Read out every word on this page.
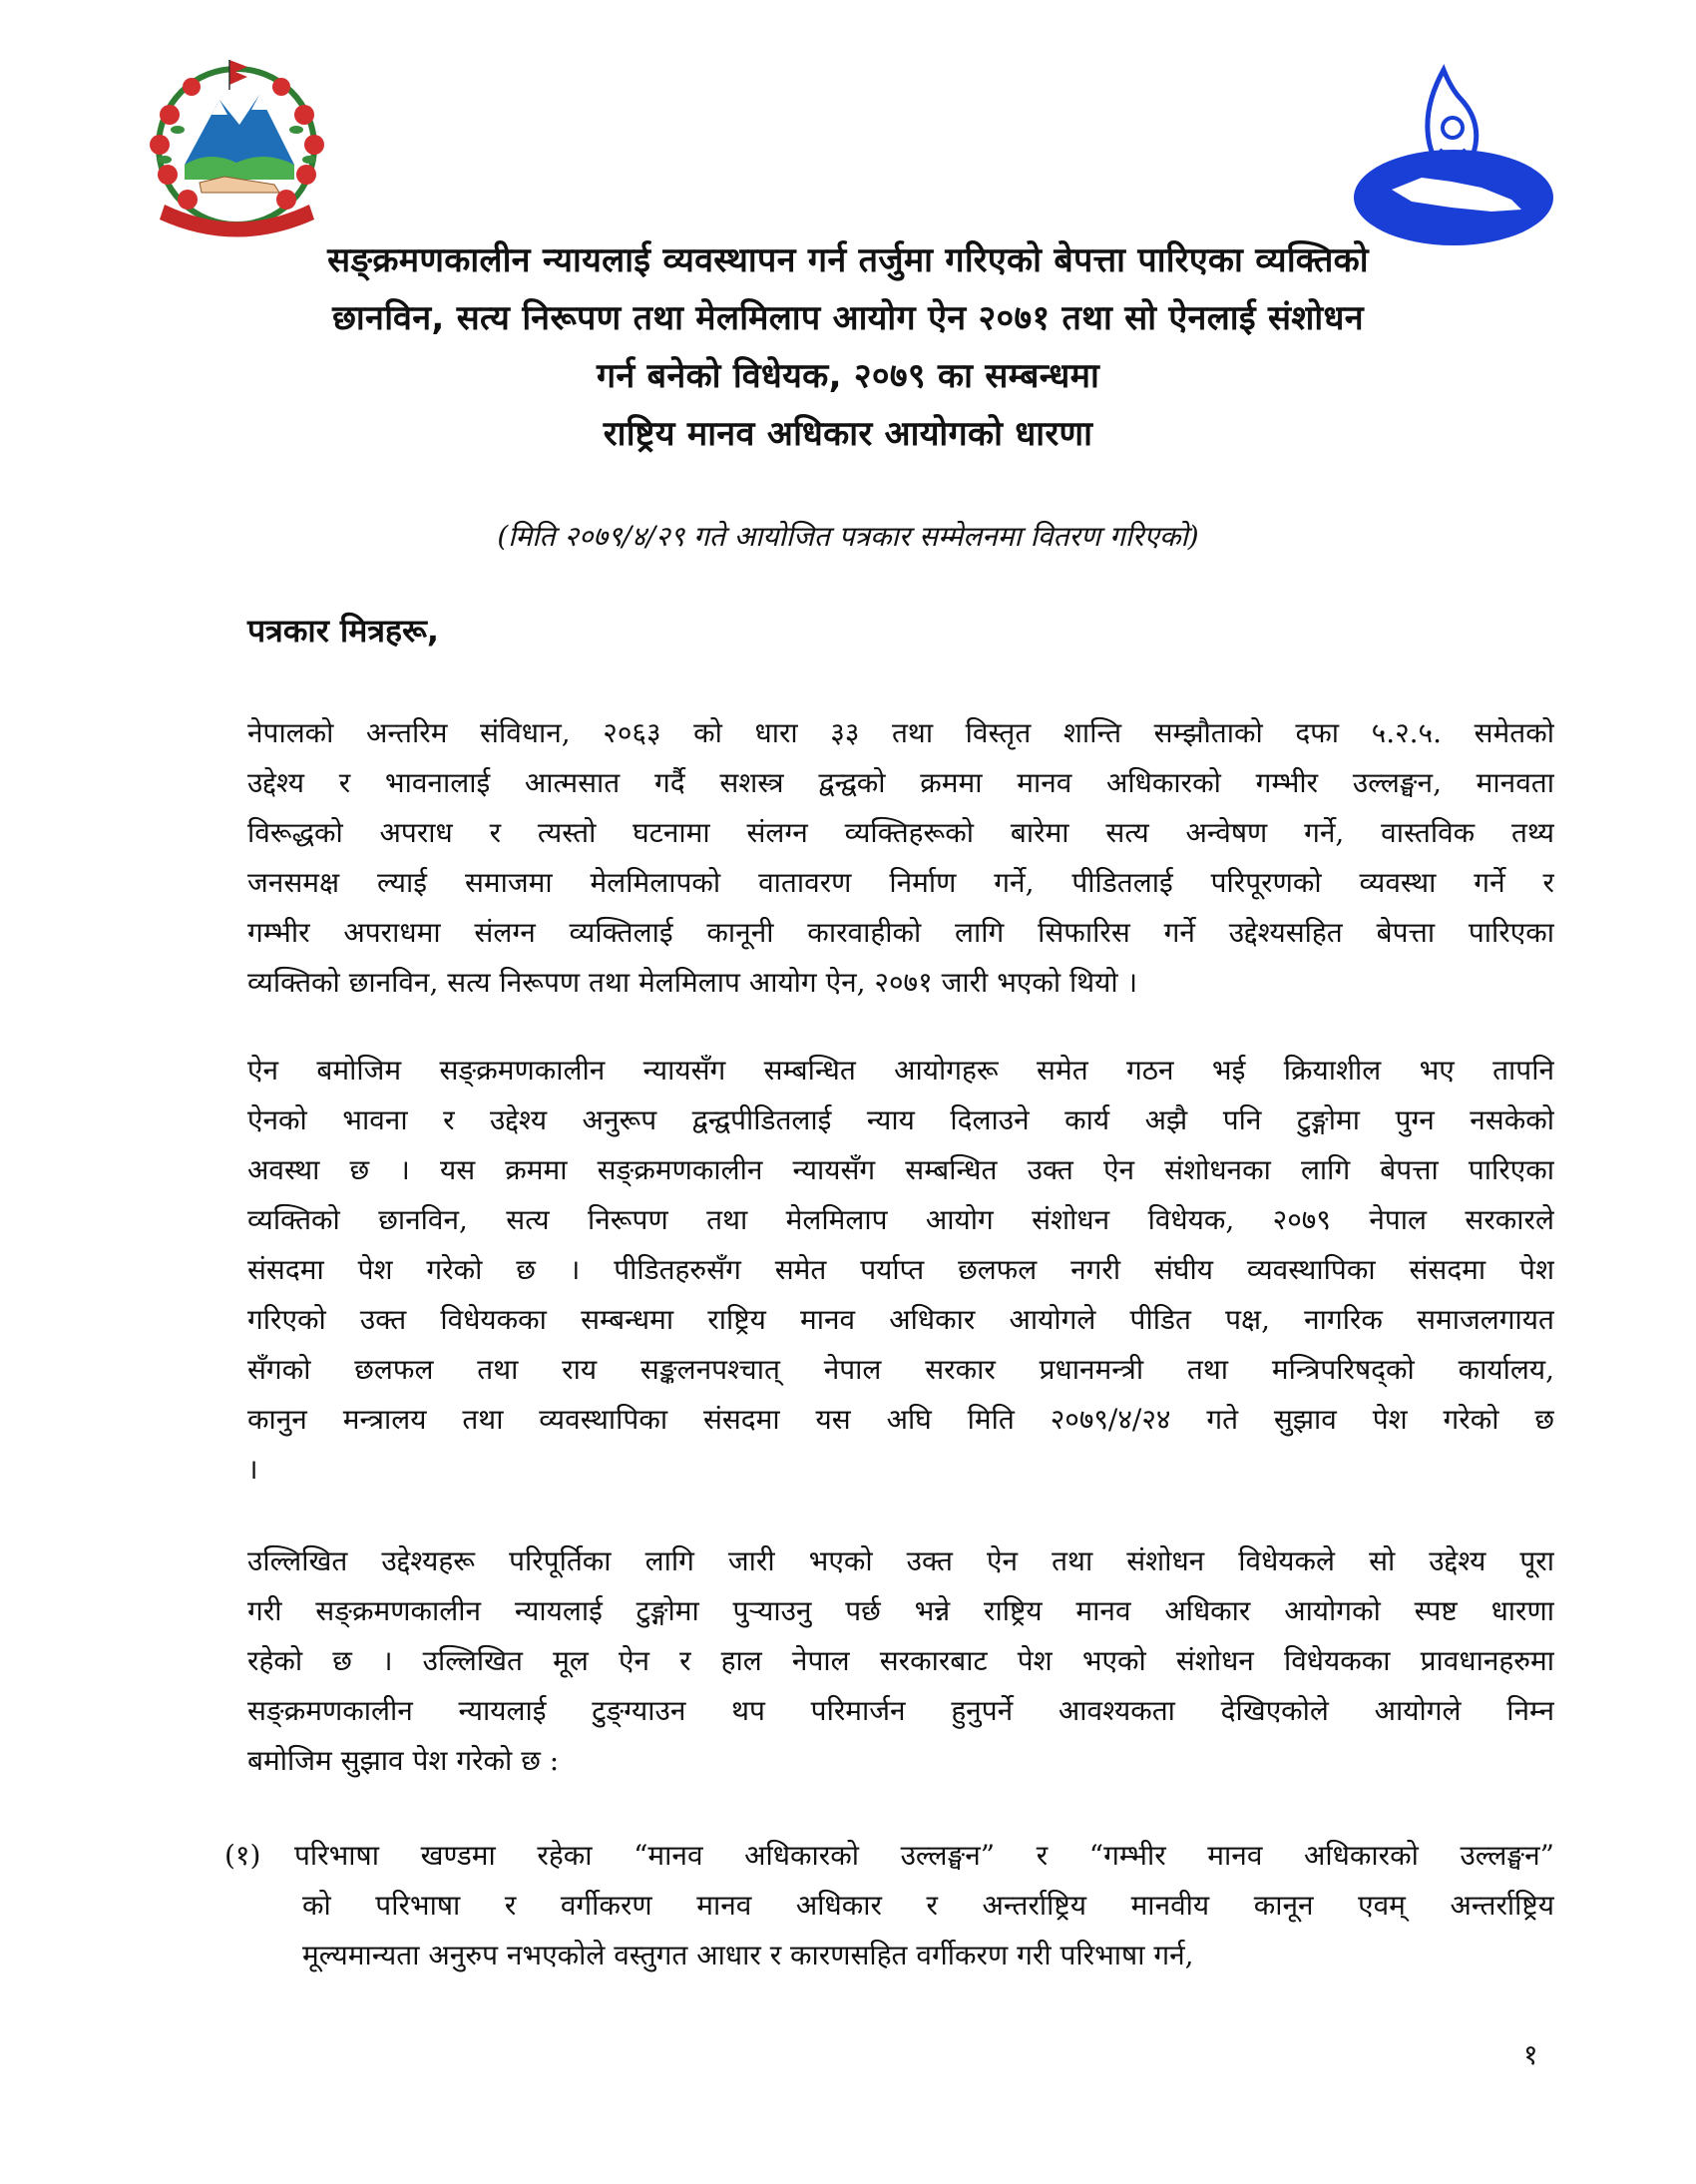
सङ्क्रमणकालीन न्यायलाई व्यवस्थापन गर्न तर्जुमा गरिएको बेपत्ता पारिएका व्यक्तिको
छानविन, सत्य निरूपण तथा मेलमिलाप आयोग ऐन २०७१ तथा सो ऐनलाई संशोधन
गर्न बनेको विधेयक, २०७९ का सम्बन्धमा
राष्ट्रिय मानव अधिकार आयोगको धारणा
(मिति २०७९/४/२९ गते आयोजित पत्रकार सम्मेलनमा वितरण गरिएको)
पत्रकार मित्रहरू,
नेपालको अन्तरिम संविधान, २०६३ को धारा ३३ तथा विस्तृत शान्ति सम्झौताको दफा ५.२.५. समेतको
उद्देश्य र भावनालाई आत्मसात गर्दै सशस्त्र द्वन्द्वको क्रममा मानव अधिकारको गम्भीर उल्लङ्घन, मानवता
विरूद्धको अपराध र त्यस्तो घटनामा संलग्न व्यक्तिहरूको बारेमा सत्य अन्वेषण गर्ने, वास्तविक तथ्य
जनसमक्ष ल्याई समाजमा मेलमिलापको वातावरण निर्माण गर्ने, पीडितलाई परिपूरणको व्यवस्था गर्ने र
गम्भीर अपराधमा संलग्न व्यक्तिलाई कानूनी कारवाहीको लागि सिफारिस गर्ने उद्देश्यसहित बेपत्ता पारिएका
व्यक्तिको छानविन, सत्य निरूपण तथा मेलमिलाप आयोग ऐन, २०७१ जारी भएको थियो ।
ऐन बमोजिम सङ्क्रमणकालीन न्यायसँग सम्बन्धित आयोगहरू समेत गठन भई क्रियाशील भए तापनि
ऐनको भावना र उद्देश्य अनुरूप द्वन्द्वपीडितलाई न्याय दिलाउने कार्य अझै पनि टुङ्गोमा पुग्न नसकेको
अवस्था छ । यस क्रममा सङ्क्रमणकालीन न्यायसँग सम्बन्धित उक्त ऐन संशोधनका लागि बेपत्ता पारिएका
व्यक्तिको छानविन, सत्य निरूपण तथा मेलमिलाप आयोग संशोधन विधेयक, २०७९ नेपाल सरकारले
संसदमा पेश गरेको छ । पीडितहरुसँग समेत पर्याप्त छलफल नगरी संघीय व्यवस्थापिका संसदमा पेश
गरिएको उक्त विधेयकका सम्बन्धमा राष्ट्रिय मानव अधिकार आयोगले पीडित पक्ष, नागरिक समाजलगायत
सँगको छलफल तथा राय सङ्कलनपश्चात् नेपाल सरकार प्रधानमन्त्री तथा मन्त्रिपरिषद्को कार्यालय,
कानुन मन्त्रालय तथा व्यवस्थापिका संसदमा यस अघि मिति २०७९/४/२४ गते सुझाव पेश गरेको छ
।
उल्लिखित उद्देश्यहरू परिपूर्तिका लागि जारी भएको उक्त ऐन तथा संशोधन विधेयकले सो उद्देश्य पूरा
गरी सङ्क्रमणकालीन न्यायलाई टुङ्गोमा पुर्‍याउनु पर्छ भन्ने राष्ट्रिय मानव अधिकार आयोगको स्पष्ट धारणा
रहेको छ । उल्लिखित मूल ऐन र हाल नेपाल सरकारबाट पेश भएको संशोधन विधेयकका प्रावधानहरुमा
सङ्क्रमणकालीन न्यायलाई टुङ्ग्याउन थप परिमार्जन हुनुपर्ने आवश्यकता देखिएकोले आयोगले निम्न
बमोजिम सुझाव पेश गरेको छ :
(१) परिभाषा खण्डमा रहेका “मानव अधिकारको उल्लङ्घन” र “गम्भीर मानव अधिकारको उल्लङ्घन”
को परिभाषा र वर्गीकरण मानव अधिकार र अन्तर्राष्ट्रिय मानवीय कानून एवम् अन्तर्राष्ट्रिय
मूल्यमान्यता अनुरुप नभएकोले वस्तुगत आधार र कारणसहित वर्गीकरण गरी परिभाषा गर्न,
१
